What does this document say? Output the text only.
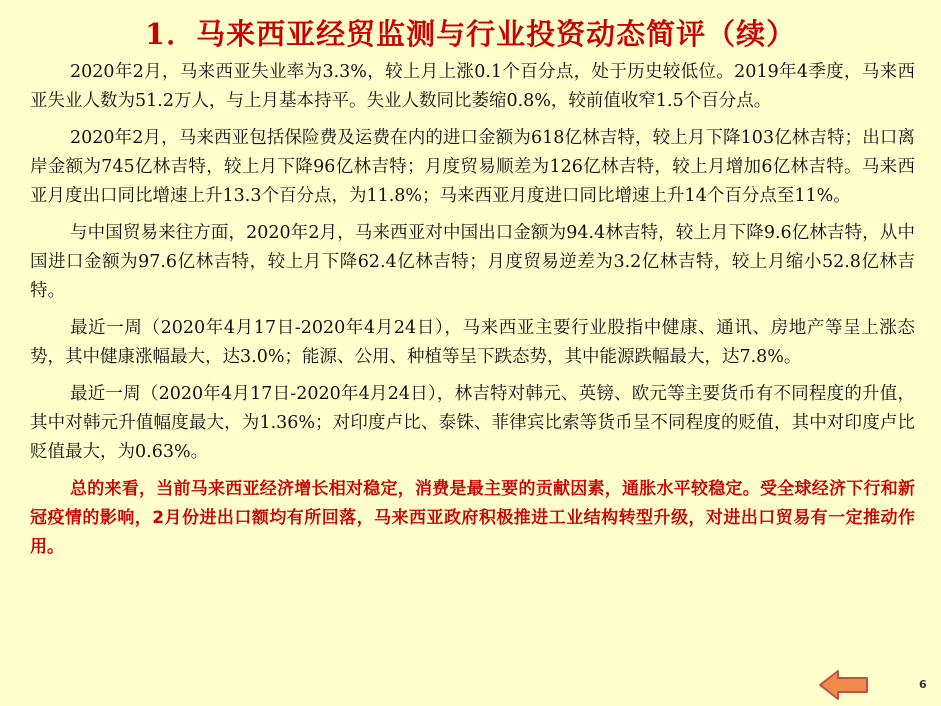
1．马来西亚经贸监测与行业投资动态简评（续）

2020年2月，马来西亚失业率为3.3%，较上月上涨0.1个百分点，处于历史较低位。2019年4季度，马来西亚失业人数为51.2万人，与上月基本持平。失业人数同比萎缩0.8%，较前值收窄1.5个百分点。

2020年2月，马来西亚包括保险费及运费在内的进口金额为618亿林吉特，较上月下降103亿林吉特；出口离岸金额为745亿林吉特，较上月下降96亿林吉特；月度贸易顺差为126亿林吉特，较上月增加6亿林吉特。马来西亚月度出口同比增速上升13.3个百分点，为11.8%；马来西亚月度进口同比增速上升14个百分点至11%。

与中国贸易来往方面，2020年2月，马来西亚对中国出口金额为94.4林吉特，较上月下降9.6亿林吉特，从中国进口金额为97.6亿林吉特，较上月下降62.4亿林吉特；月度贸易逆差为3.2亿林吉特，较上月缩小52.8亿林吉特。

最近一周（2020年4月17日-2020年4月24日），马来西亚主要行业股指中健康、通讯、房地产等呈上涨态势，其中健康涨幅最大，达3.0%；能源、公用、种植等呈下跌态势，其中能源跌幅最大，达7.8%。

最近一周（2020年4月17日-2020年4月24日），林吉特对韩元、英镑、欧元等主要货币有不同程度的升值，其中对韩元升值幅度最大，为1.36%；对印度卢比、泰铢、菲律宾比索等货币呈不同程度的贬值，其中对印度卢比贬值最大，为0.63%。

总的来看，当前马来西亚经济增长相对稳定，消费是最主要的贡献因素，通胀水平较稳定。受全球经济下行和新冠疫情的影响，2月份进出口额均有所回落，马来西亚政府积极推进工业结构转型升级，对进出口贸易有一定推动作用。

6
